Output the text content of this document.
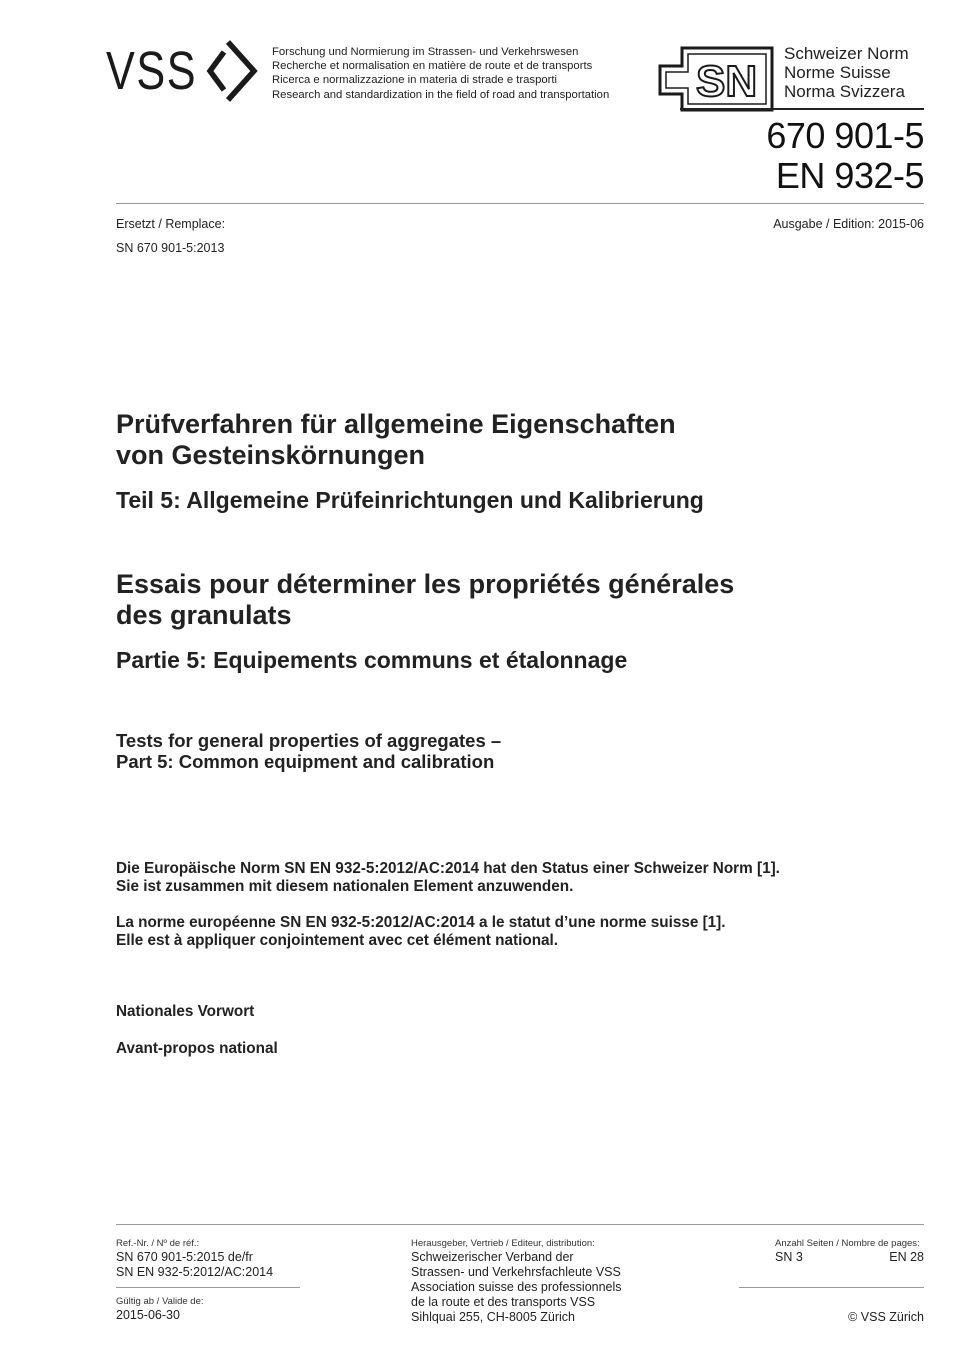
VSS	Forschung und Normierung im Strassen- und Verkehrswesen
Recherche et normalisation en matière de route et de transports
Ricerca e normalizzazione in materia di strade e trasporti
Research and standardization in the field of road and transportation SN
Schweizer Norm
Norme Suisse
Norma Svizzera
670 901-5
EN 932-5
Ersetzt / Remplace:
SN 670 901-5:2013
Ausgabe / Edition: 2015-06
Prüfverfahren für allgemeine Eigenschaften
von Gesteinskörnungen
Teil 5: Allgemeine Prüfeinrichtungen und Kalibrierung
Essais pour déterminer les propriétés générales
des granulats
Partie 5: Equipements communs et étalonnage
Tests for general properties of aggregates –
Part 5: Common equipment and calibration
Die Europäische Norm SN EN 932-5:2012/AC:2014 hat den Status einer Schweizer Norm [1].
Sie ist zusammen mit diesem nationalen Element anzuwenden.
La norme européenne SN EN 932-5:2012/AC:2014 a le statut d’une norme suisse [1].
Elle est à appliquer conjointement avec cet élément national.
Nationales Vorwort
Avant-propos national
Ref.-Nr. / Nº de réf.:
SN 670 901-5:2015 de/fr
SN EN 932-5:2012/AC:2014
Gültig ab / Valide de:
2015-06-30
Herausgeber, Vertrieb / Editeur, distribution:
Schweizerischer Verband der
Strassen- und Verkehrsfachleute VSS
Association suisse des professionnels
de la route et des transports VSS
Sihlquai 255, CH-8005 Zürich
Anzahl Seiten / Nombre de pages:
SN 3	EN 28
© VSS Zürich
